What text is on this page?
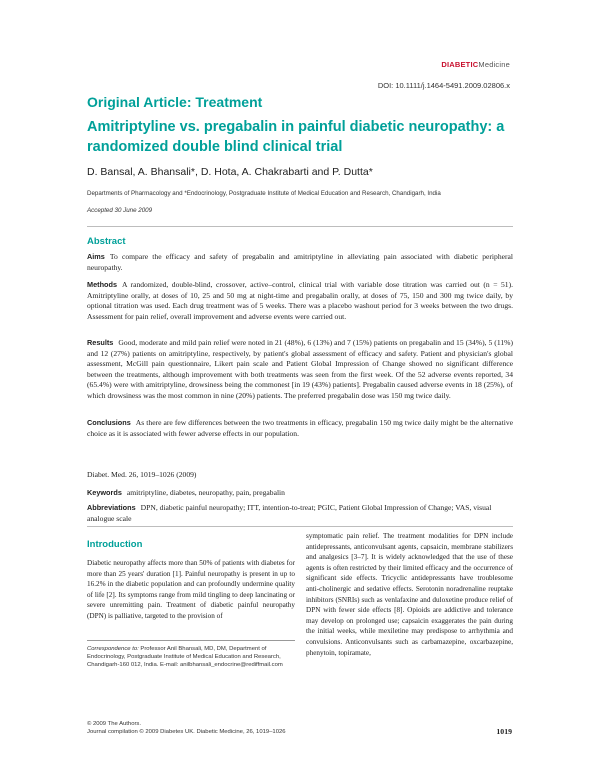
DIABETICMedicine
DOI: 10.1111/j.1464-5491.2009.02806.x
Original Article: Treatment
Amitriptyline vs. pregabalin in painful diabetic neuropathy: a randomized double blind clinical trial
D. Bansal, A. Bhansali*, D. Hota, A. Chakrabarti and P. Dutta*
Departments of Pharmacology and *Endocrinology, Postgraduate Institute of Medical Education and Research, Chandigarh, India
Accepted 30 June 2009
Abstract
Aims To compare the efficacy and safety of pregabalin and amitriptyline in alleviating pain associated with diabetic peripheral neuropathy.
Methods A randomized, double-blind, crossover, active–control, clinical trial with variable dose titration was carried out (n = 51). Amitriptyline orally, at doses of 10, 25 and 50 mg at night-time and pregabalin orally, at doses of 75, 150 and 300 mg twice daily, by optional titration was used. Each drug treatment was of 5 weeks. There was a placebo washout period for 3 weeks between the two drugs. Assessment for pain relief, overall improvement and adverse events were carried out.
Results Good, moderate and mild pain relief were noted in 21 (48%), 6 (13%) and 7 (15%) patients on pregabalin and 15 (34%), 5 (11%) and 12 (27%) patients on amitriptyline, respectively, by patient's global assessment of efficacy and safety. Patient and physician's global assessment, McGill pain questionnaire, Likert pain scale and Patient Global Impression of Change showed no significant difference between the treatments, although improvement with both treatments was seen from the first week. Of the 52 adverse events reported, 34 (65.4%) were with amitriptyline, drowsiness being the commonest [in 19 (43%) patients]. Pregabalin caused adverse events in 18 (25%), of which drowsiness was the most common in nine (20%) patients. The preferred pregabalin dose was 150 mg twice daily.
Conclusions As there are few differences between the two treatments in efficacy, pregabalin 150 mg twice daily might be the alternative choice as it is associated with fewer adverse effects in our population.
Diabet. Med. 26, 1019–1026 (2009)
Keywords amitriptyline, diabetes, neuropathy, pain, pregabalin
Abbreviations DPN, diabetic painful neuropathy; ITT, intention-to-treat; PGIC, Patient Global Impression of Change; VAS, visual analogue scale
Introduction
Diabetic neuropathy affects more than 50% of patients with diabetes for more than 25 years' duration [1]. Painful neuropathy is present in up to 16.2% in the diabetic population and can profoundly undermine quality of life [2]. Its symptoms range from mild tingling to deep lancinating or severe unremitting pain. Treatment of diabetic painful neuropathy (DPN) is palliative, targeted to the provision of
symptomatic pain relief. The treatment modalities for DPN include antidepressants, anticonvulsant agents, capsaicin, membrane stabilizers and analgesics [3–7]. It is widely acknowledged that the use of these agents is often restricted by their limited efficacy and the occurrence of significant side effects. Tricyclic antidepressants have troublesome anti-cholinergic and sedative effects. Serotonin noradrenaline reuptake inhibitors (SNRIs) such as venlafaxine and duloxetine produce relief of DPN with fewer side effects [8]. Opioids are addictive and tolerance may develop on prolonged use; capsaicin exaggerates the pain during the initial weeks, while mexiletine may predispose to arrhythmia and convulsions. Anticonvulsants such as carbamazepine, oxcarbazepine, phenytoin, topiramate,
Correspondence to: Professor Anil Bhansali, MD, DM, Department of Endocrinology, Postgraduate Institute of Medical Education and Research, Chandigarh-160 012, India. E-mail: anilbhansali_endocrine@rediffmail.com
© 2009 The Authors.
Journal compilation © 2009 Diabetes UK. Diabetic Medicine, 26, 1019–1026	1019
